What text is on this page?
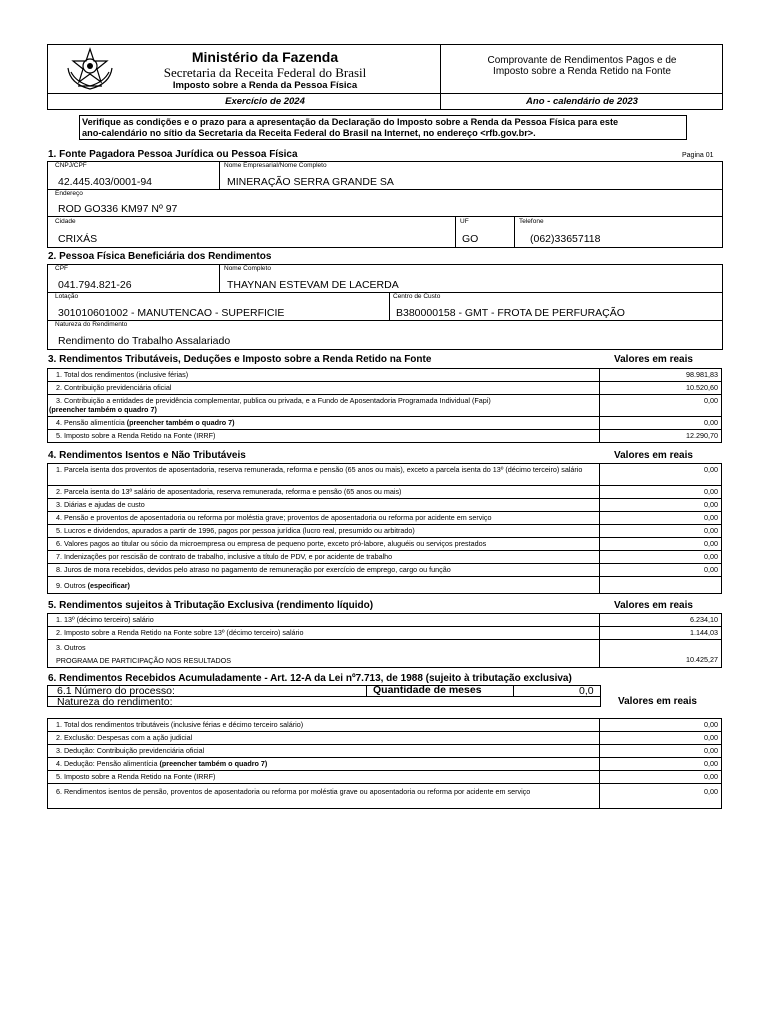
Ministério da Fazenda
Secretaria da Receita Federal do Brasil
Imposto sobre a Renda da Pessoa Física
Exercício de 2024
Comprovante de Rendimentos Pagos e de
Imposto sobre a Renda Retido na Fonte
Ano - calendário de 2023
Verifique as condições e o prazo para a apresentação da Declaração do Imposto sobre a Renda da Pessoa Física para este
ano-calendário no sítio da Secretaria da Receita Federal do Brasil na Internet, no endereço <rfb.gov.br>.
1. Fonte Pagadora Pessoa Jurídica ou Pessoa Física	Pagina 01
CNPJ/CPF
42.445.403/0001-94
Nome Empresarial/Nome Completo
MINERAÇÃO SERRA GRANDE SA
Endereço
ROD GO336 KM97 Nº 97
Cidade
CRIXÁS
UF
GO
Telefone
(062)33657118
2. Pessoa Física Beneficiária dos Rendimentos
CPF
041.794.821-26
Nome Completo
THAYNAN ESTEVAM DE LACERDA
Lotação
301010601002 - MANUTENCAO - SUPERFICIE
Centro de Custo
B380000158 - GMT - FROTA DE PERFURAÇÃO
Natureza do Rendimento
Rendimento do Trabalho Assalariado
3. Rendimentos Tributáveis, Deduções e Imposto sobre a Renda Retido na Fonte	Valores em reais
1. Total dos rendimentos (inclusive férias)	98.981,83
2. Contribuição previdenciária oficial	10.520,60
3. Contribuição a entidades de previdência complementar, publica ou privada, e a Fundo de Aposentadoria Programada Individual (Fapi)
(preencher também o quadro 7)
0,00
4. Pensão alimentícia (preencher também o quadro 7)	0,00
5. Imposto sobre a Renda Retido na Fonte (IRRF)	12.290,70
4. Rendimentos Isentos e Não Tributáveis	Valores em reais
1. Parcela isenta dos proventos de aposentadoria, reserva remunerada, reforma e pensão (65 anos ou mais), exceto a parcela isenta do 13º (décimo terceiro) salário	0,00
2. Parcela isenta do 13º salário de aposentadoria, reserva remunerada, reforma e pensão (65 anos ou mais)	0,00
3. Diárias e ajudas de custo	0,00
4. Pensão e proventos de aposentadoria ou reforma por moléstia grave; proventos de aposentadoria ou reforma por acidente em serviço	0,00
5. Lucros e dividendos, apurados a partir de 1996, pagos por pessoa jurídica (lucro real, presumido ou arbitrado)	0,00
6. Valores pagos ao titular ou sócio da microempresa ou empresa de pequeno porte, exceto pró-labore, aluguéis ou serviços prestados	0,00
7. Indenizações por rescisão de contrato de trabalho, inclusive a título de PDV, e por acidente de trabalho	0,00
8. Juros de mora recebidos, devidos pelo atraso no pagamento de remuneração por exercício de emprego, cargo ou função	0,00
9. Outros (especificar)
5. Rendimentos sujeitos à Tributação Exclusiva (rendimento líquido)	Valores em reais
1. 13º (décimo terceiro) salário	6.234,10
2. Imposto sobre a Renda Retido na Fonte sobre 13º (décimo terceiro) salário	1.144,03
3. Outros
PROGRAMA DE PARTICIPAÇÃO NOS RESULTADOS	10.425,27
6. Rendimentos Recebidos Acumuladamente - Art. 12-A da Lei nº7.713, de 1988 (sujeito à tributação exclusiva)
6.1 Número do processo:	Quantidade de meses	0,0
Natureza do rendimento:	Valores em reais
1. Total dos rendimentos tributáveis (inclusive férias e décimo terceiro salário)	0,00
2. Exclusão: Despesas com a ação judicial	0,00
3. Dedução: Contribuição previdenciária oficial	0,00
4. Dedução: Pensão alimentícia (preencher também o quadro 7)	0,00
5. Imposto sobre a Renda Retido na Fonte (IRRF)	0,00
6. Rendimentos isentos de pensão, proventos de aposentadoria ou reforma por moléstia grave ou aposentadoria ou reforma por acidente em serviço	0,00
